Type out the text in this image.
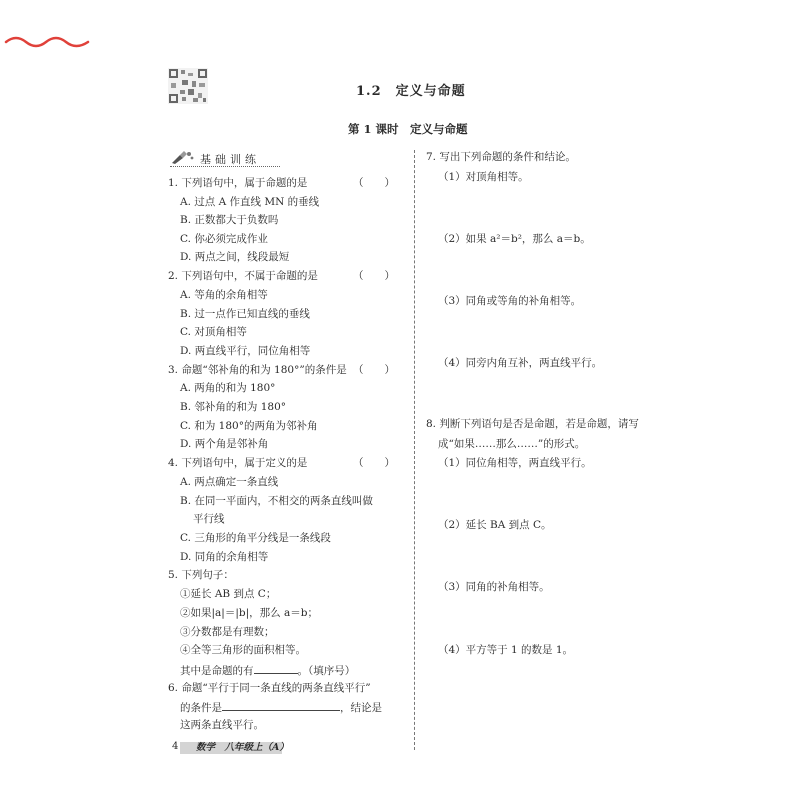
1.2　定义与命题
第 1 课时　定义与命题
基础训练
1. 下列语句中，属于命题的是	（　　）
A. 过点 A 作直线 MN 的垂线
B. 正数都大于负数吗
C. 你必须完成作业
D. 两点之间，线段最短
2. 下列语句中，不属于命题的是	（　　）
A. 等角的余角相等
B. 过一点作已知直线的垂线
C. 对顶角相等
D. 两直线平行，同位角相等
3. 命题“邻补角的和为 180°”的条件是 （　　）
A. 两角的和为 180°
B. 邻补角的和为 180°
C. 和为 180°的两角为邻补角
D. 两个角是邻补角
4. 下列语句中，属于定义的是	（　　）
A. 两点确定一条直线
B. 在同一平面内，不相交的两条直线叫做
平行线
C. 三角形的角平分线是一条线段
D. 同角的余角相等
5. 下列句子：
①延长 AB 到点 C；
②如果|a|＝|b|，那么 a＝b；
③分数都是有理数；
④全等三角形的面积相等。
其中是命题的有	。（填序号）
6. 命题“平行于同一条直线的两条直线平行”
的条件是	，结论是
这两条直线平行。
7. 写出下列命题的条件和结论。
（1）对顶角相等。
（2）如果 a²＝b²，那么 a＝b。
（3）同角或等角的补角相等。
（4）同旁内角互补，两直线平行。
8. 判断下列语句是否是命题，若是命题，请写
成“如果……那么……”的形式。
（1）同位角相等，两直线平行。
（2）延长 BA 到点 C。
（3）同角的补角相等。
（4）平方等于 1 的数是 1。
4	数学　八年级上（A）
